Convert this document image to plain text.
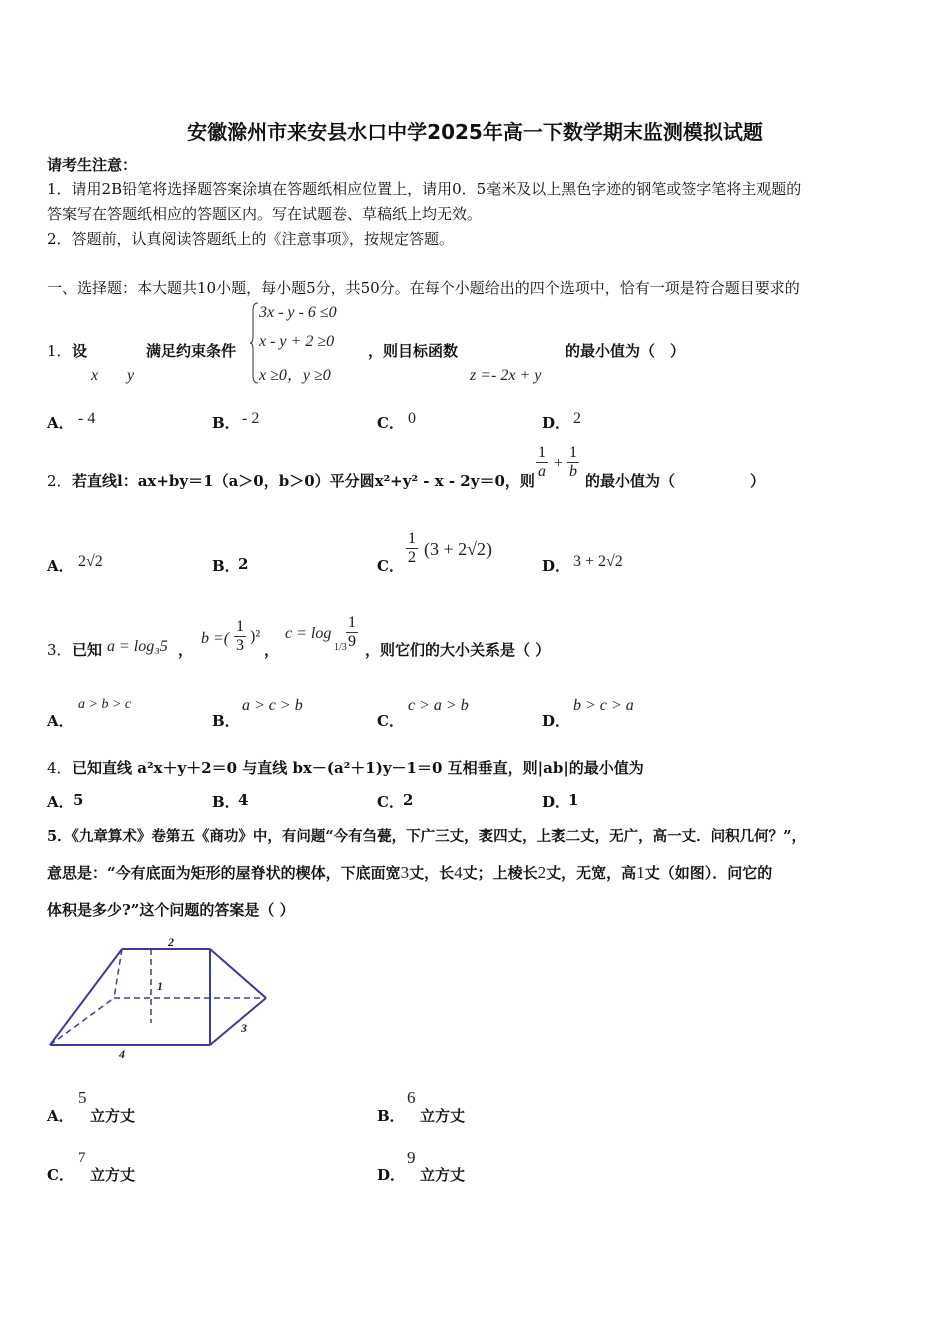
安徽滁州市来安县水口中学2025年高一下数学期末监测模拟试题
请考生注意：
1．请用2B铅笔将选择题答案涂填在答题纸相应位置上，请用0．5毫米及以上黑色字迹的钢笔或签字笔将主观题的
答案写在答题纸相应的答题区内。写在试题卷、草稿纸上均无效。
2．答题前，认真阅读答题纸上的《注意事项》，按规定答题。
一、选择题：本大题共10小题，每小题5分，共50分。在每个小题给出的四个选项中，恰有一项是符合题目要求的
1． 设	满足约束条件
x y
3x - y - 6 ≤0
x - y + 2 ≥0
x ≥0，y ≥0
，则目标函数
z =- 2x + y
的最小值为（　）
A． - 4	B． - 2	C． 0	D． 2
2． 若直线l：ax+by＝1（a＞0，b＞0）平分圆x²+y² - x - 2y＝0，则 $\frac{1}{a} + \frac{1}{b}$ 的最小值为（　　　　　）
A． 2√2	B．
2	C． $\frac{1}{2} (3 + 2√2)$
D． 3 + 2√2
3． 已知 a = log₃5 ，
b =( $\frac{1}{3} )^2$
，
c = log
$1/3 \frac{1}{9}$ ，则它们的大小关系是（ ）
A．
a > b > c
B．
a > c > b
C．
c > a > b
D．
b > c > a
4． 已知直线 a²x＋y＋2＝0 与直线 bx－(a²＋1)y－1＝0 互相垂直，则|ab|的最小值为
A． 5	B．
4	C． 2	D．
1
5．《九章算术》卷第五《商功》中，有问题“今有刍甍，下广三丈，袤四丈，上袤二丈，无广，高一丈．问积几何？”，
意思是：“今有底面为矩形的屋脊状的楔体，下底面宽3丈，长4丈；上棱长2丈，无宽，高1丈（如图）．问它的
体积是多少?”这个问题的答案是（ ）
2
1
3
4
A．
5
立方丈	B．
6
立方丈
C．
7
立方丈	D．
9
立方丈
